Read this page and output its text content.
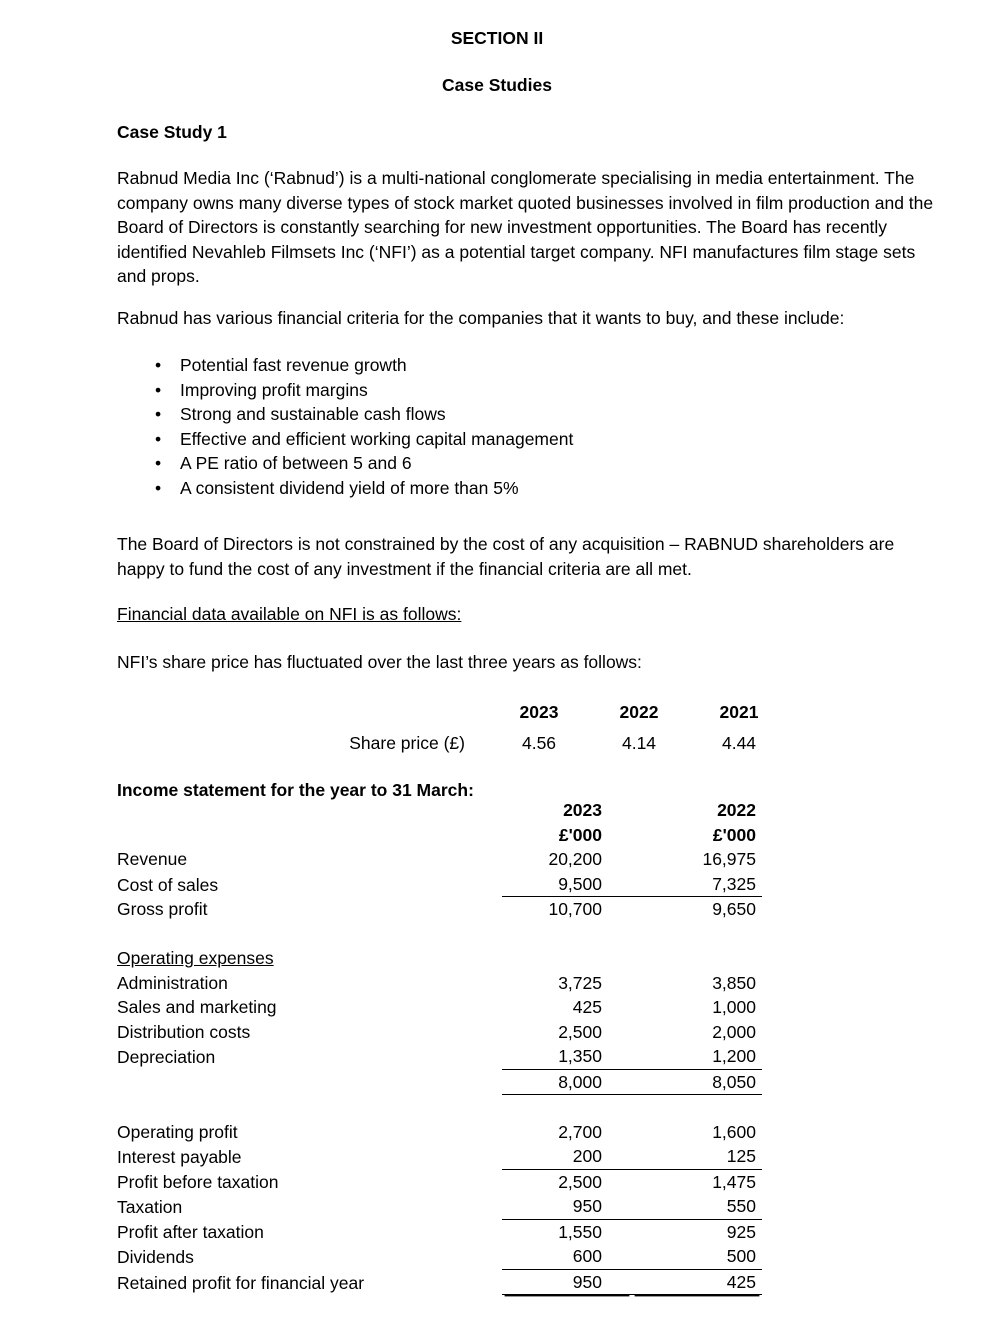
SECTION II
Case Studies
Case Study 1
Rabnud Media Inc (‘Rabnud’) is a multi-national conglomerate specialising in media entertainment. The company owns many diverse types of stock market quoted businesses involved in film production and the Board of Directors is constantly searching for new investment opportunities. The Board has recently identified Nevahleb Filmsets Inc (‘NFI’) as a potential target company. NFI manufactures film stage sets and props.
Rabnud has various financial criteria for the companies that it wants to buy, and these include:
• Potential fast revenue growth
• Improving profit margins
• Strong and sustainable cash flows
• Effective and efficient working capital management
• A PE ratio of between 5 and 6
• A consistent dividend yield of more than 5%
The Board of Directors is not constrained by the cost of any acquisition – RABNUD shareholders are happy to fund the cost of any investment if the financial criteria are all met.
Financial data available on NFI is as follows:
NFI’s share price has fluctuated over the last three years as follows:
	2023	2022	2021
Share price (£)	4.56	4.14	4.44
Income statement for the year to 31 March:

	2023	2022

	£'000	£'000

Revenue	20,200	16,975

Cost of sales	9,500	7,325

Gross profit	10,700	9,650

Operating expenses	

Administration	3,725	3,850

Sales and marketing	425	1,000

Distribution costs	2,500	2,000

Depreciation	1,350	1,200

	8,000	8,050

Operating profit	2,700	1,600

Interest payable	200	125

Profit before taxation	2,500	1,475

Taxation	950	550

Profit after taxation	1,550	925

Dividends	600	500

Retained profit for financial year	950	425
